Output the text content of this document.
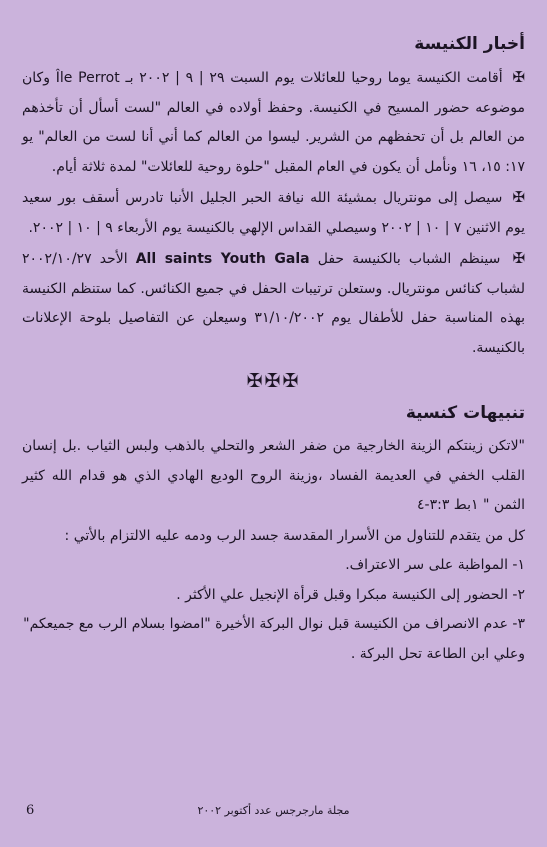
أخبار الكنيسة

✠ أقامت الكنيسة يوما روحيا للعائلات يوم السبت ٢٩ | ٩ | ٢٠٠٢ بـ Île Perrot وكان موضوعه حضور المسيح في الكنيسة. وحفظ أولاده في العالم "لست أسأل أن تأخذهم من العالم بل أن تحفظهم من الشرير. ليسوا من العالم كما أني أنا لست من العالم" يو ١٧: ١٥، ١٦ ونأمل أن يكون في العام المقبل "حلوة روحية للعائلات" لمدة ثلاثة أيام.

✠ سيصل إلى مونتريال بمشيئة الله نيافة الحبر الجليل الأنبا تادرس أسقف بور سعيد يوم الاثنين ٧ | ١٠ | ٢٠٠٢ وسيصلي القداس الإلهي بالكنيسة يوم الأربعاء ٩ | ١٠ | ٢٠٠٢.

✠ سينظم الشباب بالكنيسة حفل All saints Youth Gala الأحد ٢٠٠٢/١٠/٢٧ لشباب كنائس مونتريال. وستعلن ترتيبات الحفل في جميع الكنائس. كما ستنظم الكنيسة بهذه المناسبة حفل للأطفال يوم ٣١/١٠/٢٠٠٢ وسيعلن عن التفاصيل بلوحة الإعلانات بالكنيسة.

✠✠✠
تنبيهات كنسية

"لاتكن زينتكم الزينة الخارجية من ضفر الشعر والتحلي بالذهب ولبس الثياب .بل إنسان القلب الخفي في العديمة الفساد ،وزينة الروح الوديع الهادي الذي هو قدام الله كثير الثمن " ١بط ٣:٣-٤

كل من يتقدم للتناول من الأسرار المقدسة جسد الرب ودمه عليه الالتزام بالأتي :

١- المواظبة على سر الاعتراف.

٢- الحضور إلى الكنيسة مبكرا وقبل قرأة الإنجيل علي الأكثر .

٣- عدم الانصراف من الكنيسة قبل نوال البركة الأخيرة "امضوا بسلام الرب مع جميعكم" وعلي ابن الطاعة تحل البركة .

6	مجلة مارجرجس عدد أكتوبر ٢٠٠٢
